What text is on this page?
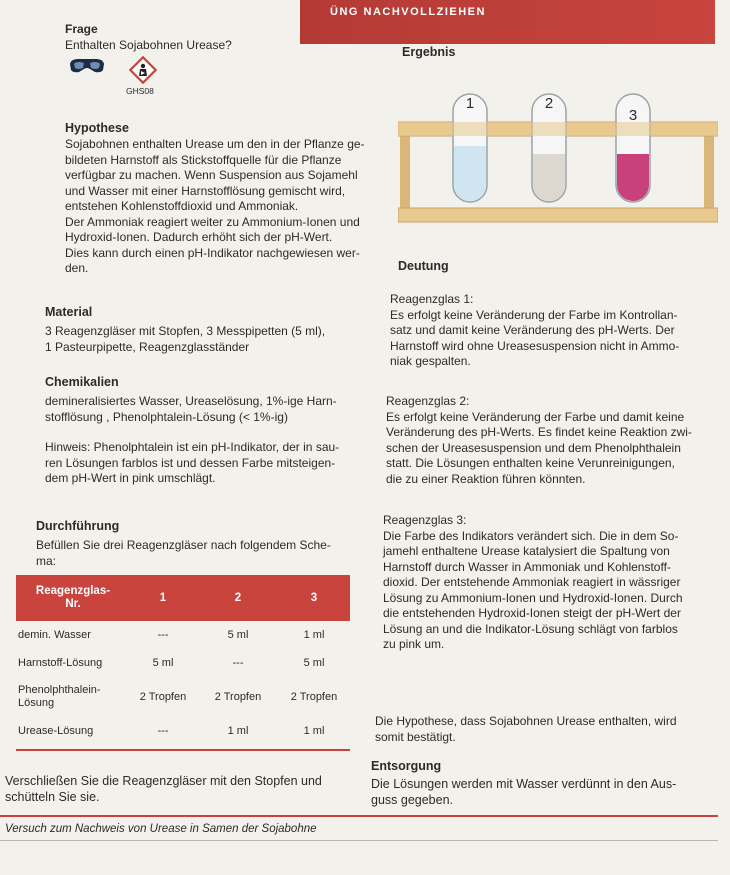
ÜNG NACHVOLLZIEHEN
Frage
Enthalten Sojabohnen Urease?
GHS08
Hypothese
Sojabohnen enthalten Urease um den in der Pflanze ge-
bildeten Harnstoff als Stickstoffquelle für die Pflanze
verfügbar zu machen. Wenn Suspension aus Sojamehl
und Wasser mit einer Harnstofflösung gemischt wird,
entstehen Kohlenstoffdioxid und Ammoniak.
Der Ammoniak reagiert weiter zu Ammonium-Ionen und
Hydroxid-Ionen. Dadurch erhöht sich der pH-Wert.
Dies kann durch einen pH-Indikator nachgewiesen wer-
den.
Material
3 Reagenzgläser mit Stopfen, 3 Messpipetten (5 ml),
1 Pasteurpipette, Reagenzglasständer
Chemikalien
demineralisiertes Wasser, Ureaselösung, 1%-ige Harn-
stofflösung , Phenolphtalein-Lösung (< 1%-ig)
Hinweis: Phenolphtalein ist ein pH-Indikator, der in sau-
ren Lösungen farblos ist und dessen Farbe mitsteigen-
dem pH-Wert in pink umschlägt.
Durchführung
Befüllen Sie drei Reagenzgläser nach folgendem Sche-
ma:
Reagenzglas-
Nr.
1	2	3
demin. Wasser	---	5 ml	1 ml
Harnstoff-Lösung	5 ml	---	5 ml
Phenolphthalein-
Lösung	2 Tropfen	2 Tropfen	2 Tropfen
Urease-Lösung	---	1 ml	1 ml
Verschließen Sie die Reagenzgläser mit den Stopfen und
schütteln Sie sie.
Ergebnis
1	2
3
Deutung
Reagenzglas 1:
Es erfolgt keine Veränderung der Farbe im Kontrollan-
satz und damit keine Veränderung des pH-Werts. Der
Harnstoff wird ohne Ureasesuspension nicht in Ammo-
niak gespalten.
Reagenzglas 2:
Es erfolgt keine Veränderung der Farbe und damit keine
Veränderung des pH-Werts. Es findet keine Reaktion zwi-
schen der Ureasesuspension und dem Phenolphthalein
statt. Die Lösungen enthalten keine Verunreinigungen,
die zu einer Reaktion führen könnten.
Reagenzglas 3:
Die Farbe des Indikators verändert sich. Die in dem So-
jamehl enthaltene Urease katalysiert die Spaltung von
Harnstoff durch Wasser in Ammoniak und Kohlenstoff-
dioxid. Der entstehende Ammoniak reagiert in wässriger
Lösung zu Ammonium-Ionen und Hydroxid-Ionen. Durch
die entstehenden Hydroxid-Ionen steigt der pH-Wert der
Lösung an und die Indikator-Lösung schlägt von farblos
zu pink um.
Die Hypothese, dass Sojabohnen Urease enthalten, wird
somit bestätigt.
Entsorgung
Die Lösungen werden mit Wasser verdünnt in den Aus-
guss gegeben.
Versuch zum Nachweis von Urease in Samen der Sojabohne
